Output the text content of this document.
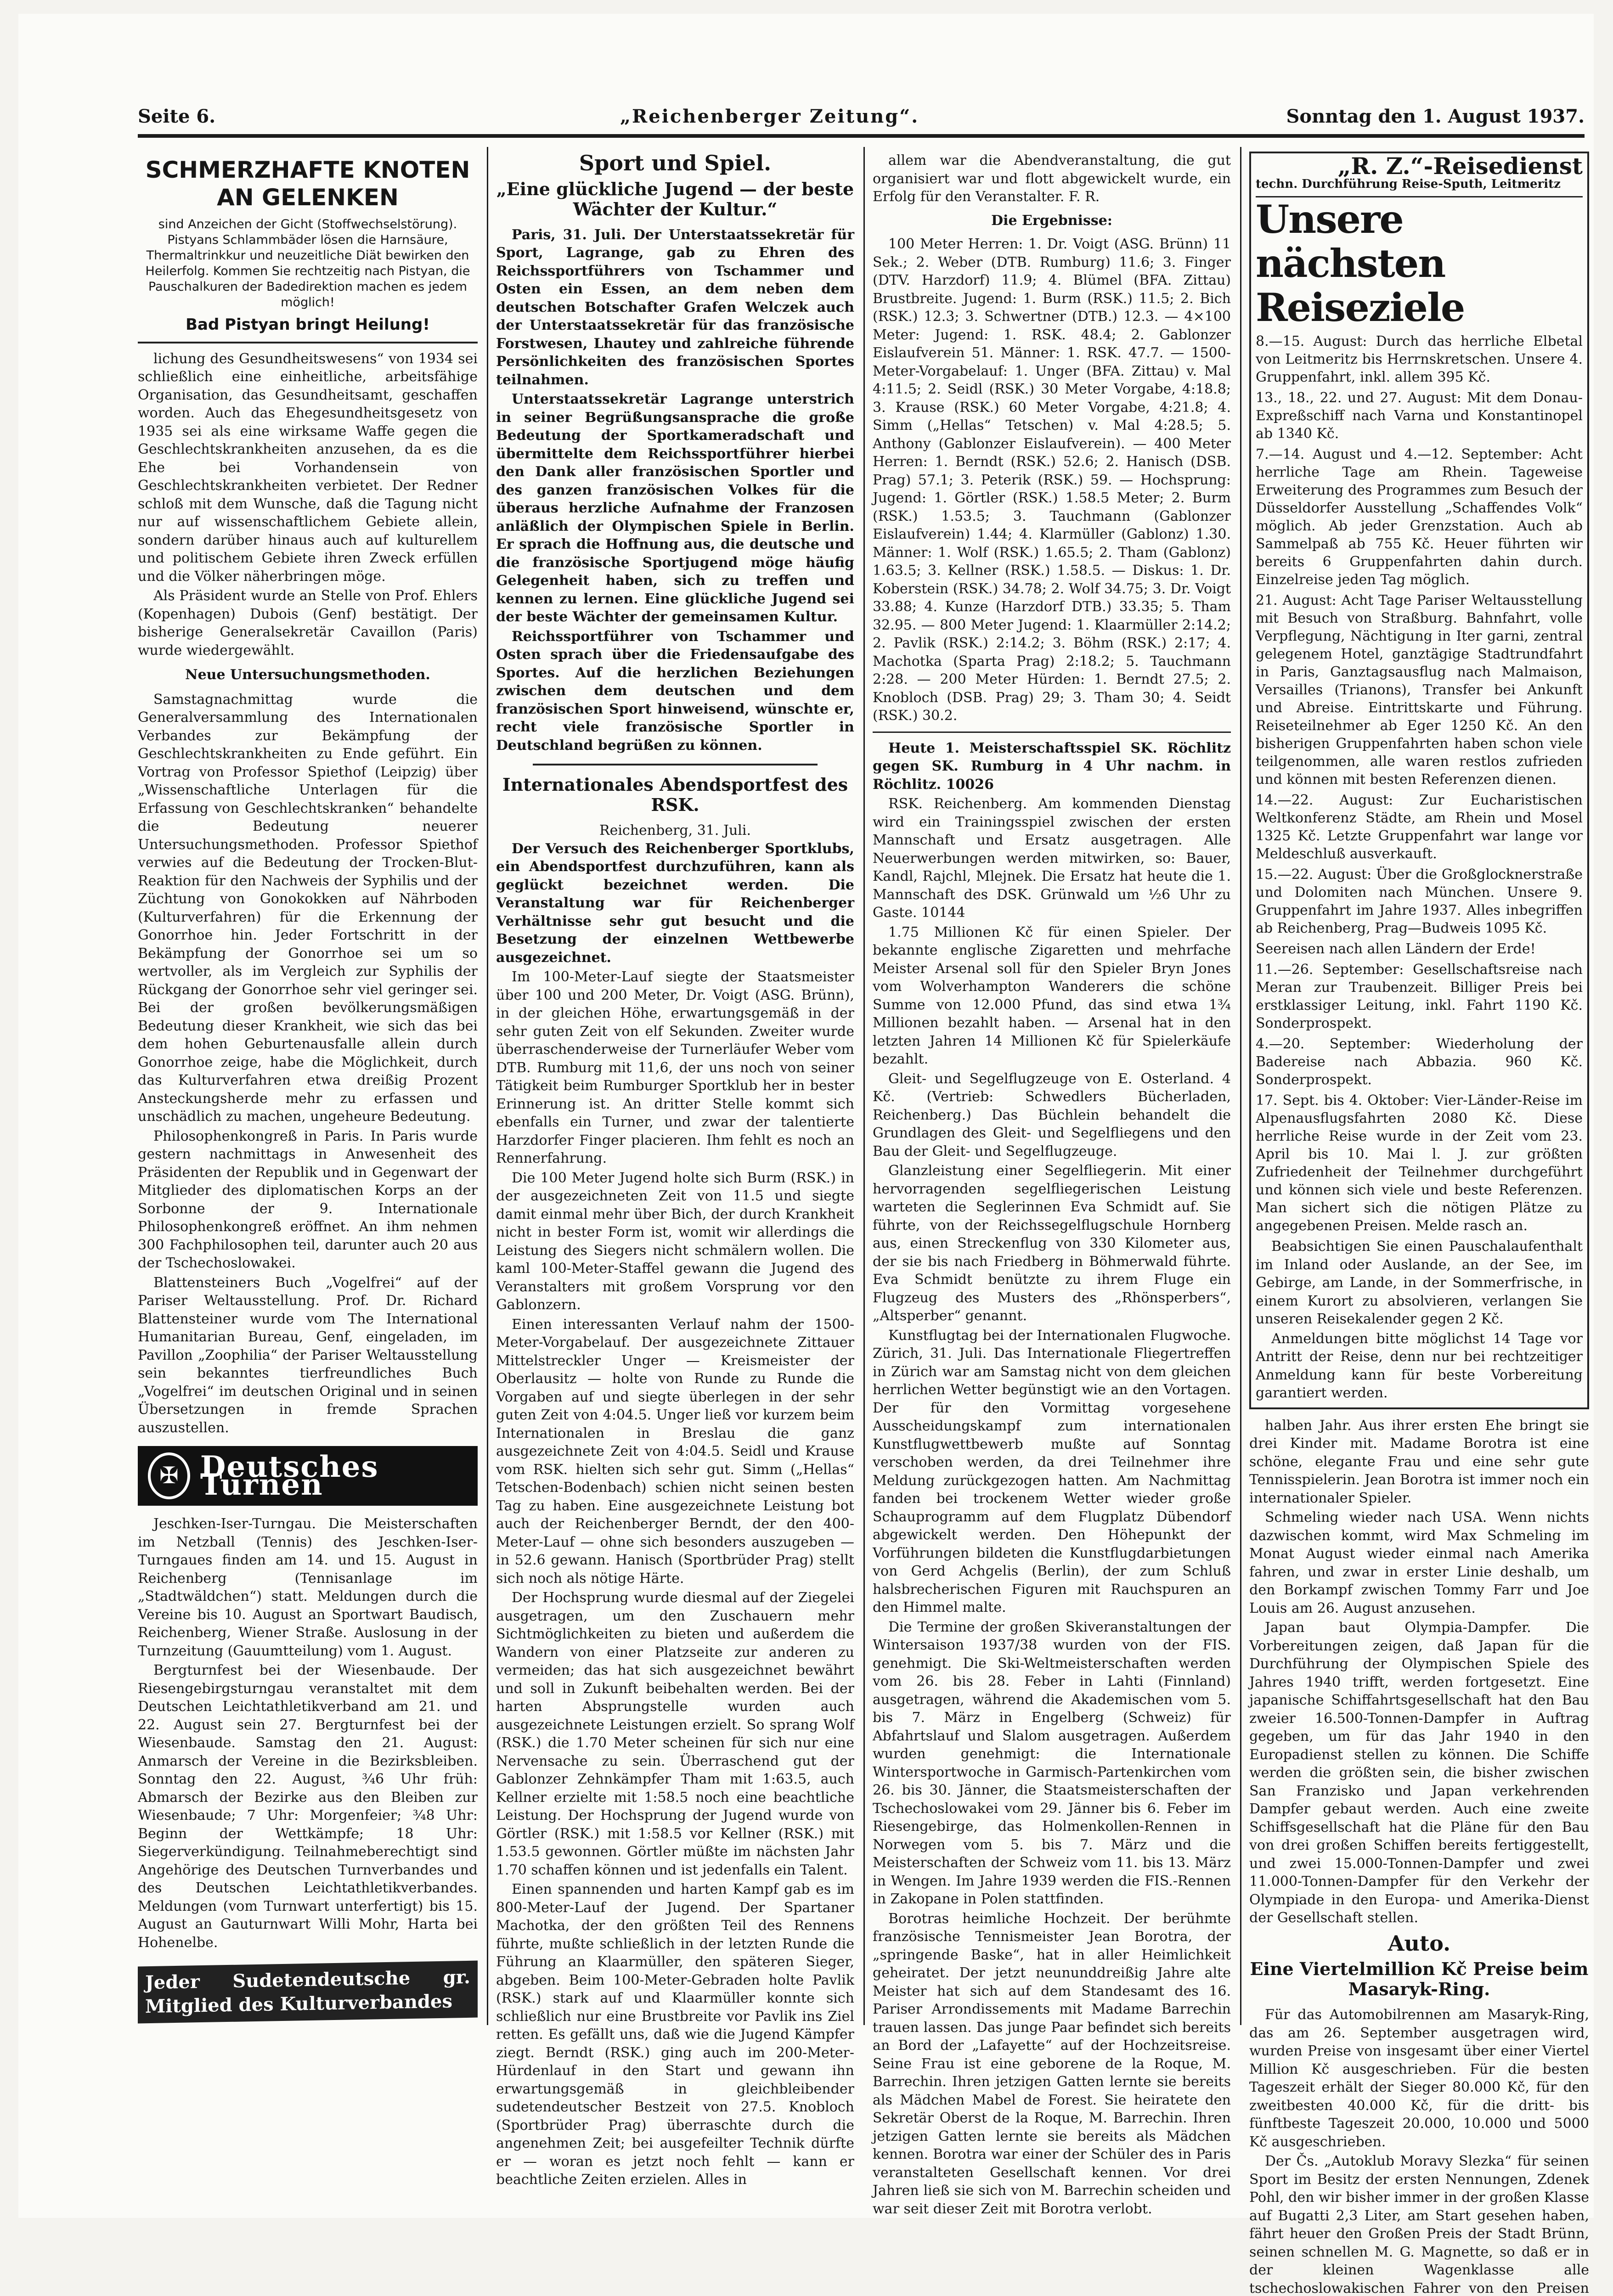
Seite 6.	„Reichenberger Zeitung“.	Sonntag den 1. August 1937.
SCHMERZHAFTE KNOTEN AN GELENKEN
sind Anzeichen der Gicht (Stoffwechselstörung). Pistyans Schlammbäder lösen die Harnsäure, Thermaltrinkkur und neuzeitliche Diät bewirken den Heilerfolg. Kommen Sie rechtzeitig nach Pistyan, die Pauschalkuren der Badedirektion machen es jedem möglich!
Bad Pistyan bringt Heilung!

lichung des Gesundheitswesens“ von 1934 sei schließlich eine einheitliche, arbeitsfähige Organisation, das Gesundheitsamt, geschaffen worden. Auch das Ehegesundheitsgesetz von 1935 sei als eine wirksame Waffe gegen die Geschlechtskrankheiten anzusehen, da es die Ehe bei Vorhandensein von Geschlechtskrankheiten verbietet. Der Redner schloß mit dem Wunsche, daß die Tagung nicht nur auf wissenschaftlichem Gebiete allein, sondern darüber hinaus auch auf kulturellem und politischem Gebiete ihren Zweck erfüllen und die Völker näherbringen möge.

Als Präsident wurde an Stelle von Prof. Ehlers (Kopenhagen) Dubois (Genf) bestätigt. Der bisherige Generalsekretär Cavaillon (Paris) wurde wiedergewählt.

Neue Untersuchungsmethoden.

Samstagnachmittag wurde die Generalversammlung des Internationalen Verbandes zur Bekämpfung der Geschlechtskrankheiten zu Ende geführt. Ein Vortrag von Professor Spiethof (Leipzig) über „Wissenschaftliche Unterlagen für die Erfassung von Geschlechtskranken“ behandelte die Bedeutung neuerer Untersuchungsmethoden. Professor Spiethof verwies auf die Bedeutung der Trocken-Blut-Reaktion für den Nachweis der Syphilis und der Züchtung von Gonokokken auf Nährboden (Kulturverfahren) für die Erkennung der Gonorrhoe hin. Jeder Fortschritt in der Bekämpfung der Gonorrhoe sei um so wertvoller, als im Vergleich zur Syphilis der Rückgang der Gonorrhoe sehr viel geringer sei. Bei der großen bevölkerungsmäßigen Bedeutung dieser Krankheit, wie sich das bei dem hohen Geburtenausfalle allein durch Gonorrhoe zeige, habe die Möglichkeit, durch das Kulturverfahren etwa dreißig Prozent Ansteckungsherde mehr zu erfassen und unschädlich zu machen, ungeheure Bedeutung.

Philosophenkongreß in Paris. In Paris wurde gestern nachmittags in Anwesenheit des Präsidenten der Republik und in Gegenwart der Mitglieder des diplomatischen Korps an der Sorbonne der 9. Internationale Philosophenkongreß eröffnet. An ihm nehmen 300 Fachphilosophen teil, darunter auch 20 aus der Tschechoslowakei.

Blattensteiners Buch „Vogelfrei“ auf der Pariser Weltausstellung. Prof. Dr. Richard Blattensteiner wurde vom The International Humanitarian Bureau, Genf, eingeladen, im Pavillon „Zoophilia“ der Pariser Weltausstellung sein bekanntes tierfreundliches Buch „Vogelfrei“ im deutschen Original und in seinen Übersetzungen in fremde Sprachen auszustellen.

✠ Deutsches Turnen

Jeschken-Iser-Turngau. Die Meisterschaften im Netzball (Tennis) des Jeschken-Iser-Turngaues finden am 14. und 15. August in Reichenberg (Tennisanlage im „Stadtwäldchen“) statt. Meldungen durch die Vereine bis 10. August an Sportwart Baudisch, Reichenberg, Wiener Straße. Auslosung in der Turnzeitung (Gauumtteilung) vom 1. August.

Bergturnfest bei der Wiesenbaude. Der Riesengebirgsturngau veranstaltet mit dem Deutschen Leichtathletikverband am 21. und 22. August sein 27. Bergturnfest bei der Wiesenbaude. Samstag den 21. August: Anmarsch der Vereine in die Bezirksbleiben. Sonntag den 22. August, ¾6 Uhr früh: Abmarsch der Bezirke aus den Bleiben zur Wiesenbaude; 7 Uhr: Morgenfeier; ¾8 Uhr: Beginn der Wettkämpfe; 18 Uhr: Siegerverkündigung. Teilnahmeberechtigt sind Angehörige des Deutschen Turnverbandes und des Deutschen Leichtathletikverbandes. Meldungen (vom Turnwart unterfertigt) bis 15. August an Gauturnwart Willi Mohr, Harta bei Hohenelbe.

Jeder Sudetendeutsche gr. Mitglied des Kulturverbandes
Sport und Spiel.
„Eine glückliche Jugend — der beste Wächter der Kultur.“

Paris, 31. Juli. Der Unterstaatssekretär für Sport, Lagrange, gab zu Ehren des Reichssportführers von Tschammer und Osten ein Essen, an dem neben dem deutschen Botschafter Grafen Welczek auch der Unterstaatssekretär für das französische Forstwesen, Lhautey und zahlreiche führende Persönlichkeiten des französischen Sportes teilnahmen.

Unterstaatssekretär Lagrange unterstrich in seiner Begrüßungsansprache die große Bedeutung der Sportkameradschaft und übermittelte dem Reichssportführer hierbei den Dank aller französischen Sportler und des ganzen französischen Volkes für die überaus herzliche Aufnahme der Franzosen anläßlich der Olympischen Spiele in Berlin. Er sprach die Hoffnung aus, die deutsche und die französische Sportjugend möge häufig Gelegenheit haben, sich zu treffen und kennen zu lernen. Eine glückliche Jugend sei der beste Wächter der gemeinsamen Kultur.

Reichssportführer von Tschammer und Osten sprach über die Friedensaufgabe des Sportes. Auf die herzlichen Beziehungen zwischen dem deutschen und dem französischen Sport hinweisend, wünschte er, recht viele französische Sportler in Deutschland begrüßen zu können.

Internationales Abendsportfest des RSK.
Reichenberg, 31. Juli.

Der Versuch des Reichenberger Sportklubs, ein Abendsportfest durchzuführen, kann als geglückt bezeichnet werden. Die Veranstaltung war für Reichenberger Verhältnisse sehr gut besucht und die Besetzung der einzelnen Wettbewerbe ausgezeichnet.

Im 100-Meter-Lauf siegte der Staatsmeister über 100 und 200 Meter, Dr. Voigt (ASG. Brünn), in der gleichen Höhe, erwartungsgemäß in der sehr guten Zeit von elf Sekunden. Zweiter wurde überraschenderweise der Turnerläufer Weber vom DTB. Rumburg mit 11,6, der uns noch von seiner Tätigkeit beim Rumburger Sportklub her in bester Erinnerung ist. An dritter Stelle kommt sich ebenfalls ein Turner, und zwar der talentierte Harzdorfer Finger placieren. Ihm fehlt es noch an Rennerfahrung.

Die 100 Meter Jugend holte sich Burm (RSK.) in der ausgezeichneten Zeit von 11.5 und siegte damit einmal mehr über Bich, der durch Krankheit nicht in bester Form ist, womit wir allerdings die Leistung des Siegers nicht schmälern wollen. Die kaml 100-Meter-Staffel gewann die Jugend des Veranstalters mit großem Vorsprung vor den Gablonzern.

Einen interessanten Verlauf nahm der 1500-Meter-Vorgabelauf. Der ausgezeichnete Zittauer Mittelstreckler Unger — Kreismeister der Oberlausitz — holte von Runde zu Runde die Vorgaben auf und siegte überlegen in der sehr guten Zeit von 4:04.5. Unger ließ vor kurzem beim Internationalen in Breslau die ganz ausgezeichnete Zeit von 4:04.5. Seidl und Krause vom RSK. hielten sich sehr gut. Simm („Hellas“ Tetschen-Bodenbach) schien nicht seinen besten Tag zu haben. Eine ausgezeichnete Leistung bot auch der Reichenberger Berndt, der den 400-Meter-Lauf — ohne sich besonders auszugeben — in 52.6 gewann. Hanisch (Sportbrüder Prag) stellt sich noch als nötige Härte.

Der Hochsprung wurde diesmal auf der Ziegelei ausgetragen, um den Zuschauern mehr Sichtmöglichkeiten zu bieten und außerdem die Wandern von einer Platzseite zur anderen zu vermeiden; das hat sich ausgezeichnet bewährt und soll in Zukunft beibehalten werden. Bei der harten Absprungstelle wurden auch ausgezeichnete Leistungen erzielt. So sprang Wolf (RSK.) die 1.70 Meter scheinen für sich nur eine Nervensache zu sein. Überraschend gut der Gablonzer Zehnkämpfer Tham mit 1:63.5, auch Kellner erzielte mit 1:58.5 noch eine beachtliche Leistung. Der Hochsprung der Jugend wurde von Görtler (RSK.) mit 1:58.5 vor Kellner (RSK.) mit 1.53.5 gewonnen. Görtler müßte im nächsten Jahr 1.70 schaffen können und ist jedenfalls ein Talent.

Einen spannenden und harten Kampf gab es im 800-Meter-Lauf der Jugend. Der Spartaner Machotka, der den größten Teil des Rennens führte, mußte schließlich in der letzten Runde die Führung an Klaarmüller, den späteren Sieger, abgeben. Beim 100-Meter-Gebraden holte Pavlik (RSK.) stark auf und Klaarmüller konnte sich schließlich nur eine Brustbreite vor Pavlik ins Ziel retten. Es gefällt uns, daß wie die Jugend Kämpfer ziegt. Berndt (RSK.) ging auch im 200-Meter-Hürdenlauf in den Start und gewann ihn erwartungsgemäß in gleichbleibender sudetendeutscher Bestzeit von 27.5. Knobloch (Sportbrüder Prag) überraschte durch die angenehmen Zeit; bei ausgefeilter Technik dürfte er — woran es jetzt noch fehlt — kann er beachtliche Zeiten erzielen. Alles in

allem war die Abendveranstaltung, die gut organisiert war und flott abgewickelt wurde, ein Erfolg für den Veranstalter. F. R.

Die Ergebnisse:

100 Meter Herren: 1. Dr. Voigt (ASG. Brünn) 11 Sek.; 2. Weber (DTB. Rumburg) 11.6; 3. Finger (DTV. Harzdorf) 11.9; 4. Blümel (BFA. Zittau) Brustbreite. Jugend: 1. Burm (RSK.) 11.5; 2. Bich (RSK.) 12.3; 3. Schwertner (DTB.) 12.3. — 4×100 Meter: Jugend: 1. RSK. 48.4; 2. Gablonzer Eislaufverein 51. Männer: 1. RSK. 47.7. — 1500-Meter-Vorgabelauf: 1. Unger (BFA. Zittau) v. Mal 4:11.5; 2. Seidl (RSK.) 30 Meter Vorgabe, 4:18.8; 3. Krause (RSK.) 60 Meter Vorgabe, 4:21.8; 4. Simm („Hellas“ Tetschen) v. Mal 4:28.5; 5. Anthony (Gablonzer Eislaufverein). — 400 Meter Herren: 1. Berndt (RSK.) 52.6; 2. Hanisch (DSB. Prag) 57.1; 3. Peterik (RSK.) 59. — Hochsprung: Jugend: 1. Görtler (RSK.) 1.58.5 Meter; 2. Burm (RSK.) 1.53.5; 3. Tauchmann (Gablonzer Eislaufverein) 1.44; 4. Klarmüller (Gablonz) 1.30. Männer: 1. Wolf (RSK.) 1.65.5; 2. Tham (Gablonz) 1.63.5; 3. Kellner (RSK.) 1.58.5. — Diskus: 1. Dr. Koberstein (RSK.) 34.78; 2. Wolf 34.75; 3. Dr. Voigt 33.88; 4. Kunze (Harzdorf DTB.) 33.35; 5. Tham 32.95. — 800 Meter Jugend: 1. Klaarmüller 2:14.2; 2. Pavlik (RSK.) 2:14.2; 3. Böhm (RSK.) 2:17; 4. Machotka (Sparta Prag) 2:18.2; 5. Tauchmann 2:28. — 200 Meter Hürden: 1. Berndt 27.5; 2. Knobloch (DSB. Prag) 29; 3. Tham 30; 4. Seidt (RSK.) 30.2.

Heute 1. Meisterschaftsspiel SK. Röchlitz gegen SK. Rumburg in 4 Uhr nachm. in Röchlitz. 10026

RSK. Reichenberg. Am kommenden Dienstag wird ein Trainingsspiel zwischen der ersten Mannschaft und Ersatz ausgetragen. Alle Neuerwerbungen werden mitwirken, so: Bauer, Kandl, Rajchl, Mlejnek. Die Ersatz hat heute die 1. Mannschaft des DSK. Grünwald um ½6 Uhr zu Gaste. 10144

1.75 Millionen Kč für einen Spieler. Der bekannte englische Zigaretten und mehrfache Meister Arsenal soll für den Spieler Bryn Jones vom Wolverhampton Wanderers die schöne Summe von 12.000 Pfund, das sind etwa 1¾ Millionen bezahlt haben. — Arsenal hat in den letzten Jahren 14 Millionen Kč für Spielerkäufe bezahlt.

Gleit- und Segelflugzeuge von E. Osterland. 4 Kč. (Vertrieb: Schwedlers Bücherladen, Reichenberg.) Das Büchlein behandelt die Grundlagen des Gleit- und Segelfliegens und den Bau der Gleit- und Segelflugzeuge.

Glanzleistung einer Segelfliegerin. Mit einer hervorragenden segelfliegerischen Leistung warteten die Seglerinnen Eva Schmidt auf. Sie führte, von der Reichssegelflugschule Hornberg aus, einen Streckenflug von 330 Kilometer aus, der sie bis nach Friedberg in Böhmerwald führte. Eva Schmidt benützte zu ihrem Fluge ein Flugzeug des Musters des „Rhönsperbers“, „Altsperber“ genannt.

Kunstflugtag bei der Internationalen Flugwoche. Zürich, 31. Juli. Das Internationale Fliegertreffen in Zürich war am Samstag nicht von dem gleichen herrlichen Wetter begünstigt wie an den Vortagen. Der für den Vormittag vorgesehene Ausscheidungskampf zum internationalen Kunstflugwettbewerb mußte auf Sonntag verschoben werden, da drei Teilnehmer ihre Meldung zurückgezogen hatten. Am Nachmittag fanden bei trockenem Wetter wieder große Schauprogramm auf dem Flugplatz Dübendorf abgewickelt werden. Den Höhepunkt der Vorführungen bildeten die Kunstflugdarbietungen von Gerd Achgelis (Berlin), der zum Schluß halsbrecherischen Figuren mit Rauchspuren an den Himmel malte.

Die Termine der großen Skiveranstaltungen der Wintersaison 1937/38 wurden von der FIS. genehmigt. Die Ski-Weltmeisterschaften werden vom 26. bis 28. Feber in Lahti (Finnland) ausgetragen, während die Akademischen vom 5. bis 7. März in Engelberg (Schweiz) für Abfahrtslauf und Slalom ausgetragen. Außerdem wurden genehmigt: die Internationale Wintersportwoche in Garmisch-Partenkirchen vom 26. bis 30. Jänner, die Staatsmeisterschaften der Tschechoslowakei vom 29. Jänner bis 6. Feber im Riesengebirge, das Holmenkollen-Rennen in Norwegen vom 5. bis 7. März und die Meisterschaften der Schweiz vom 11. bis 13. März in Wengen. Im Jahre 1939 werden die FIS.-Rennen in Zakopane in Polen stattfinden.

Borotras heimliche Hochzeit. Der berühmte französische Tennismeister Jean Borotra, der „springende Baske“, hat in aller Heimlichkeit geheiratet. Der jetzt neununddreißig Jahre alte Meister hat sich auf dem Standesamt des 16. Pariser Arrondissements mit Madame Barrechin trauen lassen. Das junge Paar befindet sich bereits an Bord der „Lafayette“ auf der Hochzeitsreise. Seine Frau ist eine geborene de la Roque, M. Barrechin. Ihren jetzigen Gatten lernte sie bereits als Mädchen Mabel de Forest. Sie heiratete den Sekretär Oberst de la Roque, M. Barrechin. Ihren jetzigen Gatten lernte sie bereits als Mädchen kennen. Borotra war einer der Schüler des in Paris veranstalteten Gesellschaft kennen. Vor drei Jahren ließ sie sich von M. Barrechin scheiden und war seit dieser Zeit mit Borotra verlobt.

„R. Z.“-Reisedienst
techn. Durchführung Reise-Sputh, Leitmeritz
Unsere nächsten Reiseziele
8.—15. August: Durch das herrliche Elbetal von Leitmeritz bis Herrnskretschen. Unsere 4. Gruppenfahrt, inkl. allem 395 Kč.
13., 18., 22. und 27. August: Mit dem Donau-Expreßschiff nach Varna und Konstantinopel ab 1340 Kč.
7.—14. August und 4.—12. September: Acht herrliche Tage am Rhein. Tageweise Erweiterung des Programmes zum Besuch der Düsseldorfer Ausstellung „Schaffendes Volk“ möglich. Ab jeder Grenzstation. Auch ab Sammelpaß ab 755 Kč. Heuer führten wir bereits 6 Gruppenfahrten dahin durch. Einzelreise jeden Tag möglich.
21. August: Acht Tage Pariser Weltausstellung mit Besuch von Straßburg. Bahnfahrt, volle Verpflegung, Nächtigung in Iter garni, zentral gelegenem Hotel, ganztägige Stadtrundfahrt in Paris, Ganztagsausflug nach Malmaison, Versailles (Trianons), Transfer bei Ankunft und Abreise. Eintrittskarte und Führung. Reiseteilnehmer ab Eger 1250 Kč. An den bisherigen Gruppenfahrten haben schon viele teilgenommen, alle waren restlos zufrieden und können mit besten Referenzen dienen.
14.—22. August: Zur Eucharistischen Weltkonferenz Städte, am Rhein und Mosel 1325 Kč. Letzte Gruppenfahrt war lange vor Meldeschluß ausverkauft.
15.—22. August: Über die Großglocknerstraße und Dolomiten nach München. Unsere 9. Gruppenfahrt im Jahre 1937. Alles inbegriffen ab Reichenberg, Prag—Budweis 1095 Kč.
Seereisen nach allen Ländern der Erde!
11.—26. September: Gesellschaftsreise nach Meran zur Traubenzeit. Billiger Preis bei erstklassiger Leitung, inkl. Fahrt 1190 Kč. Sonderprospekt.
4.—20. September: Wiederholung der Badereise nach Abbazia. 960 Kč. Sonderprospekt.
17. Sept. bis 4. Oktober: Vier-Länder-Reise im Alpenausflugsfahrten 2080 Kč. Diese herrliche Reise wurde in der Zeit vom 23. April bis 10. Mai l. J. zur größten Zufriedenheit der Teilnehmer durchgeführt und können sich viele und beste Referenzen. Man sichert sich die nötigen Plätze zu angegebenen Preisen. Melde rasch an.

Beabsichtigen Sie einen Pauschalaufenthalt im Inland oder Auslande, an der See, im Gebirge, am Lande, in der Sommerfrische, in einem Kurort zu absolvieren, verlangen Sie unseren Reisekalender gegen 2 Kč.

Anmeldungen bitte möglichst 14 Tage vor Antritt der Reise, denn nur bei rechtzeitiger Anmeldung kann für beste Vorbereitung garantiert werden.

halben Jahr. Aus ihrer ersten Ehe bringt sie drei Kinder mit. Madame Borotra ist eine schöne, elegante Frau und eine sehr gute Tennisspielerin. Jean Borotra ist immer noch ein internationaler Spieler.

Schmeling wieder nach USA. Wenn nichts dazwischen kommt, wird Max Schmeling im Monat August wieder einmal nach Amerika fahren, und zwar in erster Linie deshalb, um den Borkampf zwischen Tommy Farr und Joe Louis am 26. August anzusehen.

Japan baut Olympia-Dampfer. Die Vorbereitungen zeigen, daß Japan für die Durchführung der Olympischen Spiele des Jahres 1940 trifft, werden fortgesetzt. Eine japanische Schiffahrtsgesellschaft hat den Bau zweier 16.500-Tonnen-Dampfer in Auftrag gegeben, um für das Jahr 1940 in den Europadienst stellen zu können. Die Schiffe werden die größten sein, die bisher zwischen San Franzisko und Japan verkehrenden Dampfer gebaut werden. Auch eine zweite Schiffsgesellschaft hat die Pläne für den Bau von drei großen Schiffen bereits fertiggestellt, und zwei 15.000-Tonnen-Dampfer und zwei 11.000-Tonnen-Dampfer für den Verkehr der Olympiade in den Europa- und Amerika-Dienst der Gesellschaft stellen.

Auto.
Eine Viertelmillion Kč Preise beim Masaryk-Ring.

Für das Automobilrennen am Masaryk-Ring, das am 26. September ausgetragen wird, wurden Preise von insgesamt über einer Viertel Million Kč ausgeschrieben. Für die besten Tageszeit erhält der Sieger 80.000 Kč, für den zweitbesten 40.000 Kč, für die dritt- bis fünftbeste Tageszeit 20.000, 10.000 und 5000 Kč ausgeschrieben.

Der Čs. „Autoklub Moravy Slezka“ für seinen Sport im Besitz der ersten Nennungen, Zdenek Pohl, den wir bisher immer in der großen Klasse auf Bugatti 2,3 Liter, am Start gesehen haben, fährt heuer den Großen Preis der Stadt Brünn, seinen schnellen M. G. Magnette, so daß er in der kleinen Wagenklasse alle tschechoslowakischen Fahrer von den Preisen
